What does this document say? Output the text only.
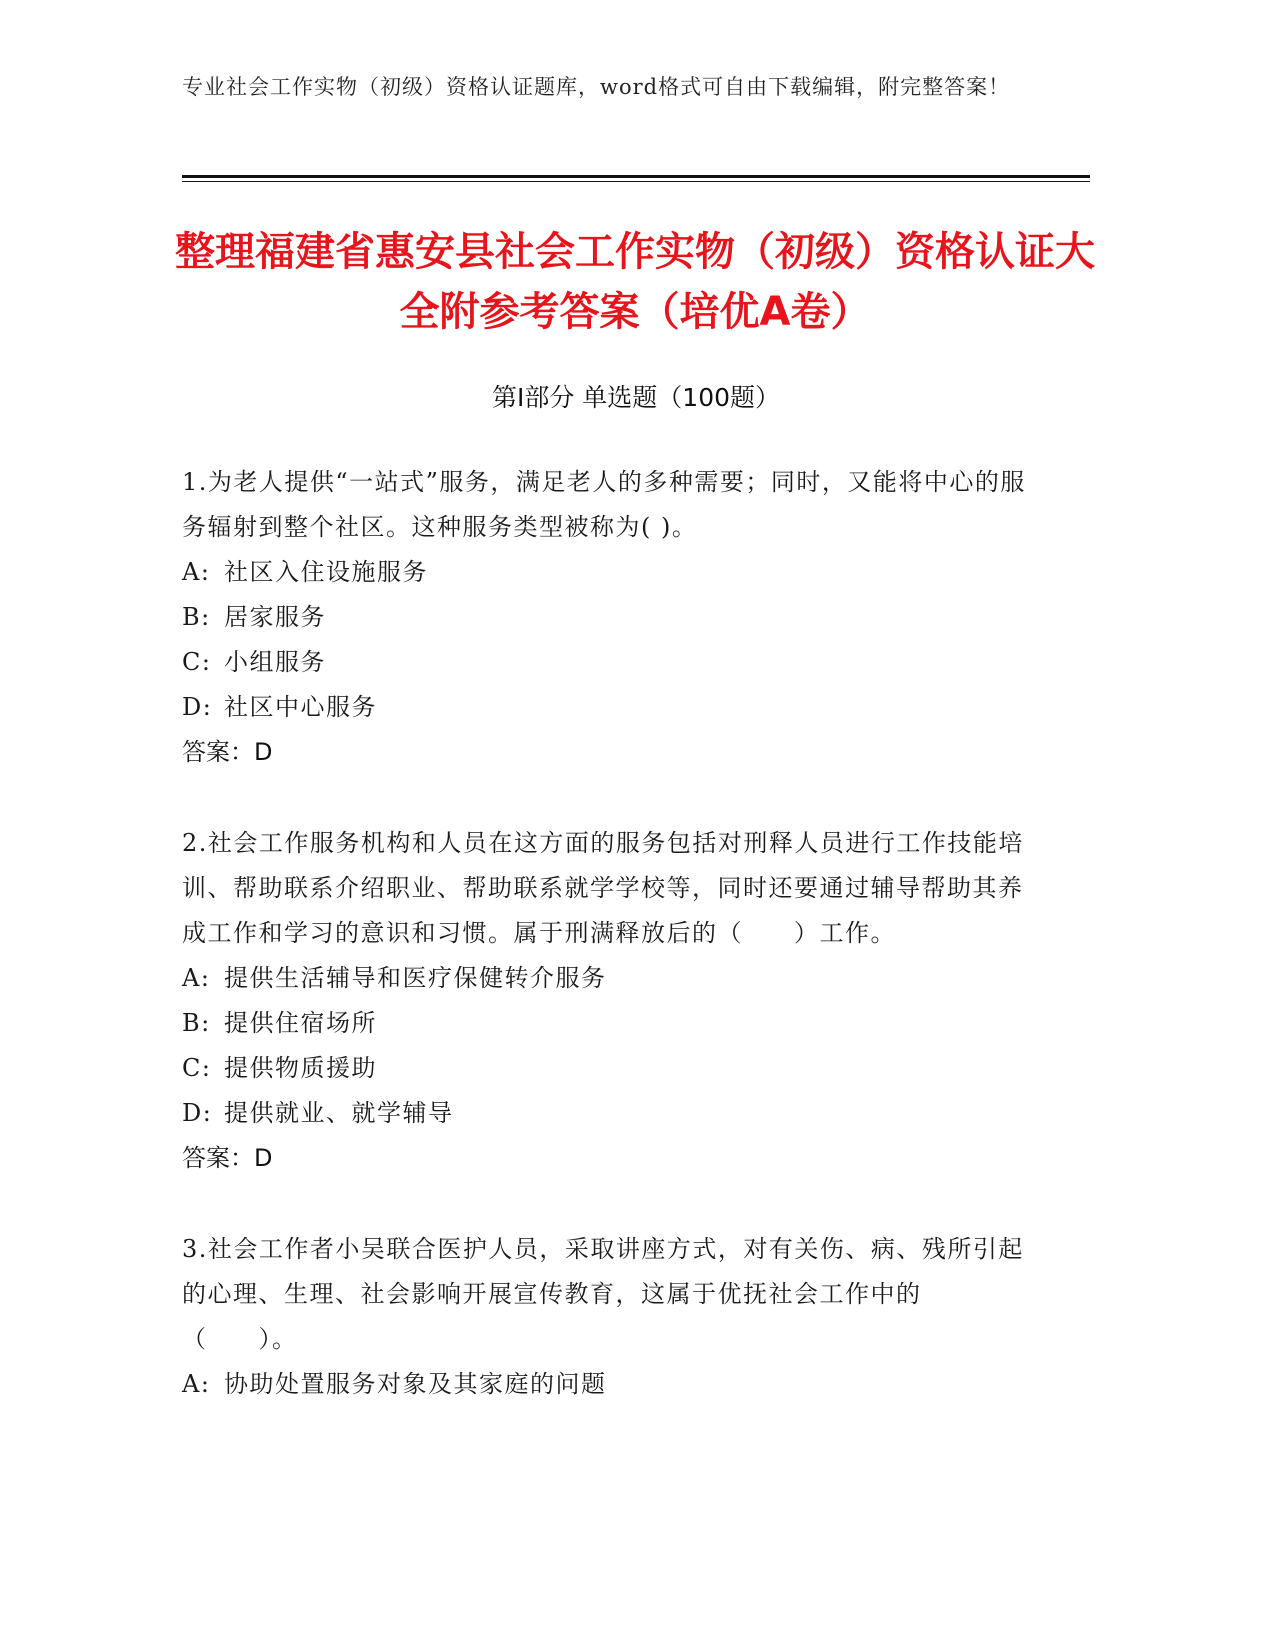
专业社会工作实物（初级）资格认证题库，word格式可自由下载编辑，附完整答案！
整理福建省惠安县社会工作实物（初级）资格认证大全附参考答案（培优A卷）
第Ⅰ部分 单选题（100题）

1.为老人提供“一站式”服务，满足老人的多种需要；同时，又能将中心的服务辐射到整个社区。这种服务类型被称为( )。

A: 社区入住设施服务

B: 居家服务

C: 小组服务

D: 社区中心服务

答案：D

2.社会工作服务机构和人员在这方面的服务包括对刑释人员进行工作技能培训、帮助联系介绍职业、帮助联系就学学校等，同时还要通过辅导帮助其养成工作和学习的意识和习惯。属于刑满释放后的（　　）工作。

A: 提供生活辅导和医疗保健转介服务

B: 提供住宿场所

C: 提供物质援助

D: 提供就业、就学辅导

答案：D

3.社会工作者小吴联合医护人员，采取讲座方式，对有关伤、病、残所引起的心理、生理、社会影响开展宣传教育，这属于优抚社会工作中的（　　）。

A: 协助处置服务对象及其家庭的问题
